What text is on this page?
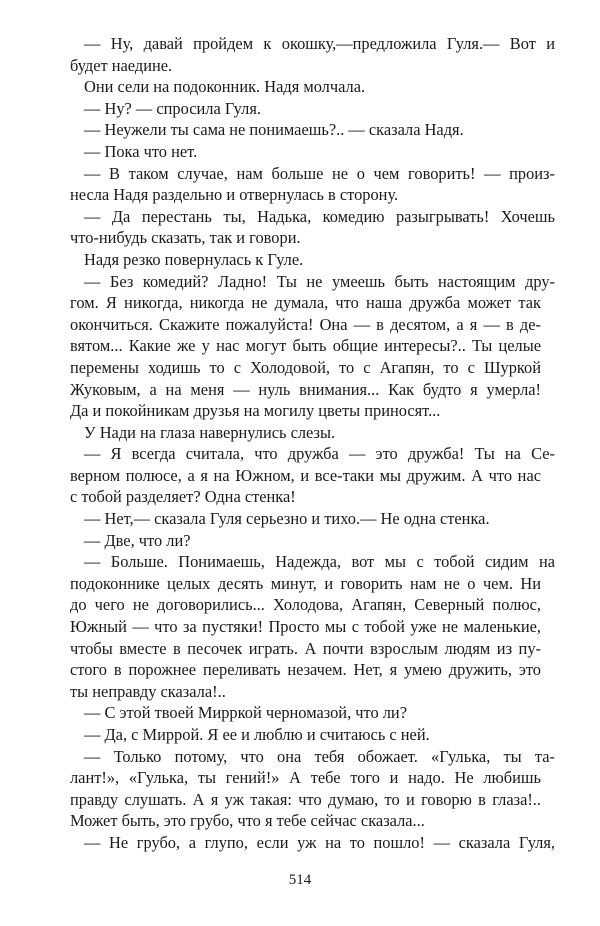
— Ну, давай пройдем к окошку,—предложила Гуля.— Вот и
будет наедине.
Они сели на подоконник. Надя молчала.
— Ну? — спросила Гуля.
— Неужели ты сама не понимаешь?.. — сказала Надя.
— Пока что нет.
— В таком случае, нам больше не о чем говорить! — произ-
несла Надя раздельно и отвернулась в сторону.
— Да перестань ты, Надька, комедию разыгрывать! Хочешь
что-нибудь сказать, так и говори.
Надя резко повернулась к Гуле.
— Без комедий? Ладно! Ты не умеешь быть настоящим дру-
гом. Я никогда, никогда не думала, что наша дружба может так
окончиться. Скажите пожалуйста! Она — в десятом, а я — в де-
вятом... Какие же у нас могут быть общие интересы?.. Ты целые
перемены ходишь то с Холодовой, то с Агапян, то с Шуркой
Жуковым, а на меня — нуль внимания... Как будто я умерла!
Да и покойникам друзья на могилу цветы приносят...
У Нади на глаза навернулись слезы.
— Я всегда считала, что дружба — это дружба! Ты на Се-
верном полюсе, а я на Южном, и все-таки мы дружим. А что нас
с тобой разделяет? Одна стенка!
— Нет,— сказала Гуля серьезно и тихо.— Не одна стенка.
— Две, что ли?
— Больше. Понимаешь, Надежда, вот мы с тобой сидим на
подоконнике целых десять минут, и говорить нам не о чем. Ни
до чего не договорились... Холодова, Агапян, Северный полюс,
Южный — что за пустяки! Просто мы с тобой уже не маленькие,
чтобы вместе в песочек играть. А почти взрослым людям из пу-
стого в порожнее переливать незачем. Нет, я умею дружить, это
ты неправду сказала!..
— С этой твоей Мирркой черномазой, что ли?
— Да, с Миррой. Я ее и люблю и считаюсь с ней.
— Только потому, что она тебя обожает. «Гулька, ты та-
лант!», «Гулька, ты гений!» А тебе того и надо. Не любишь
правду слушать. А я уж такая: что думаю, то и говорю в глаза!..
Может быть, это грубо, что я тебе сейчас сказала...
— Не грубо, а глупо, если уж на то пошло! — сказала Гуля,
514
